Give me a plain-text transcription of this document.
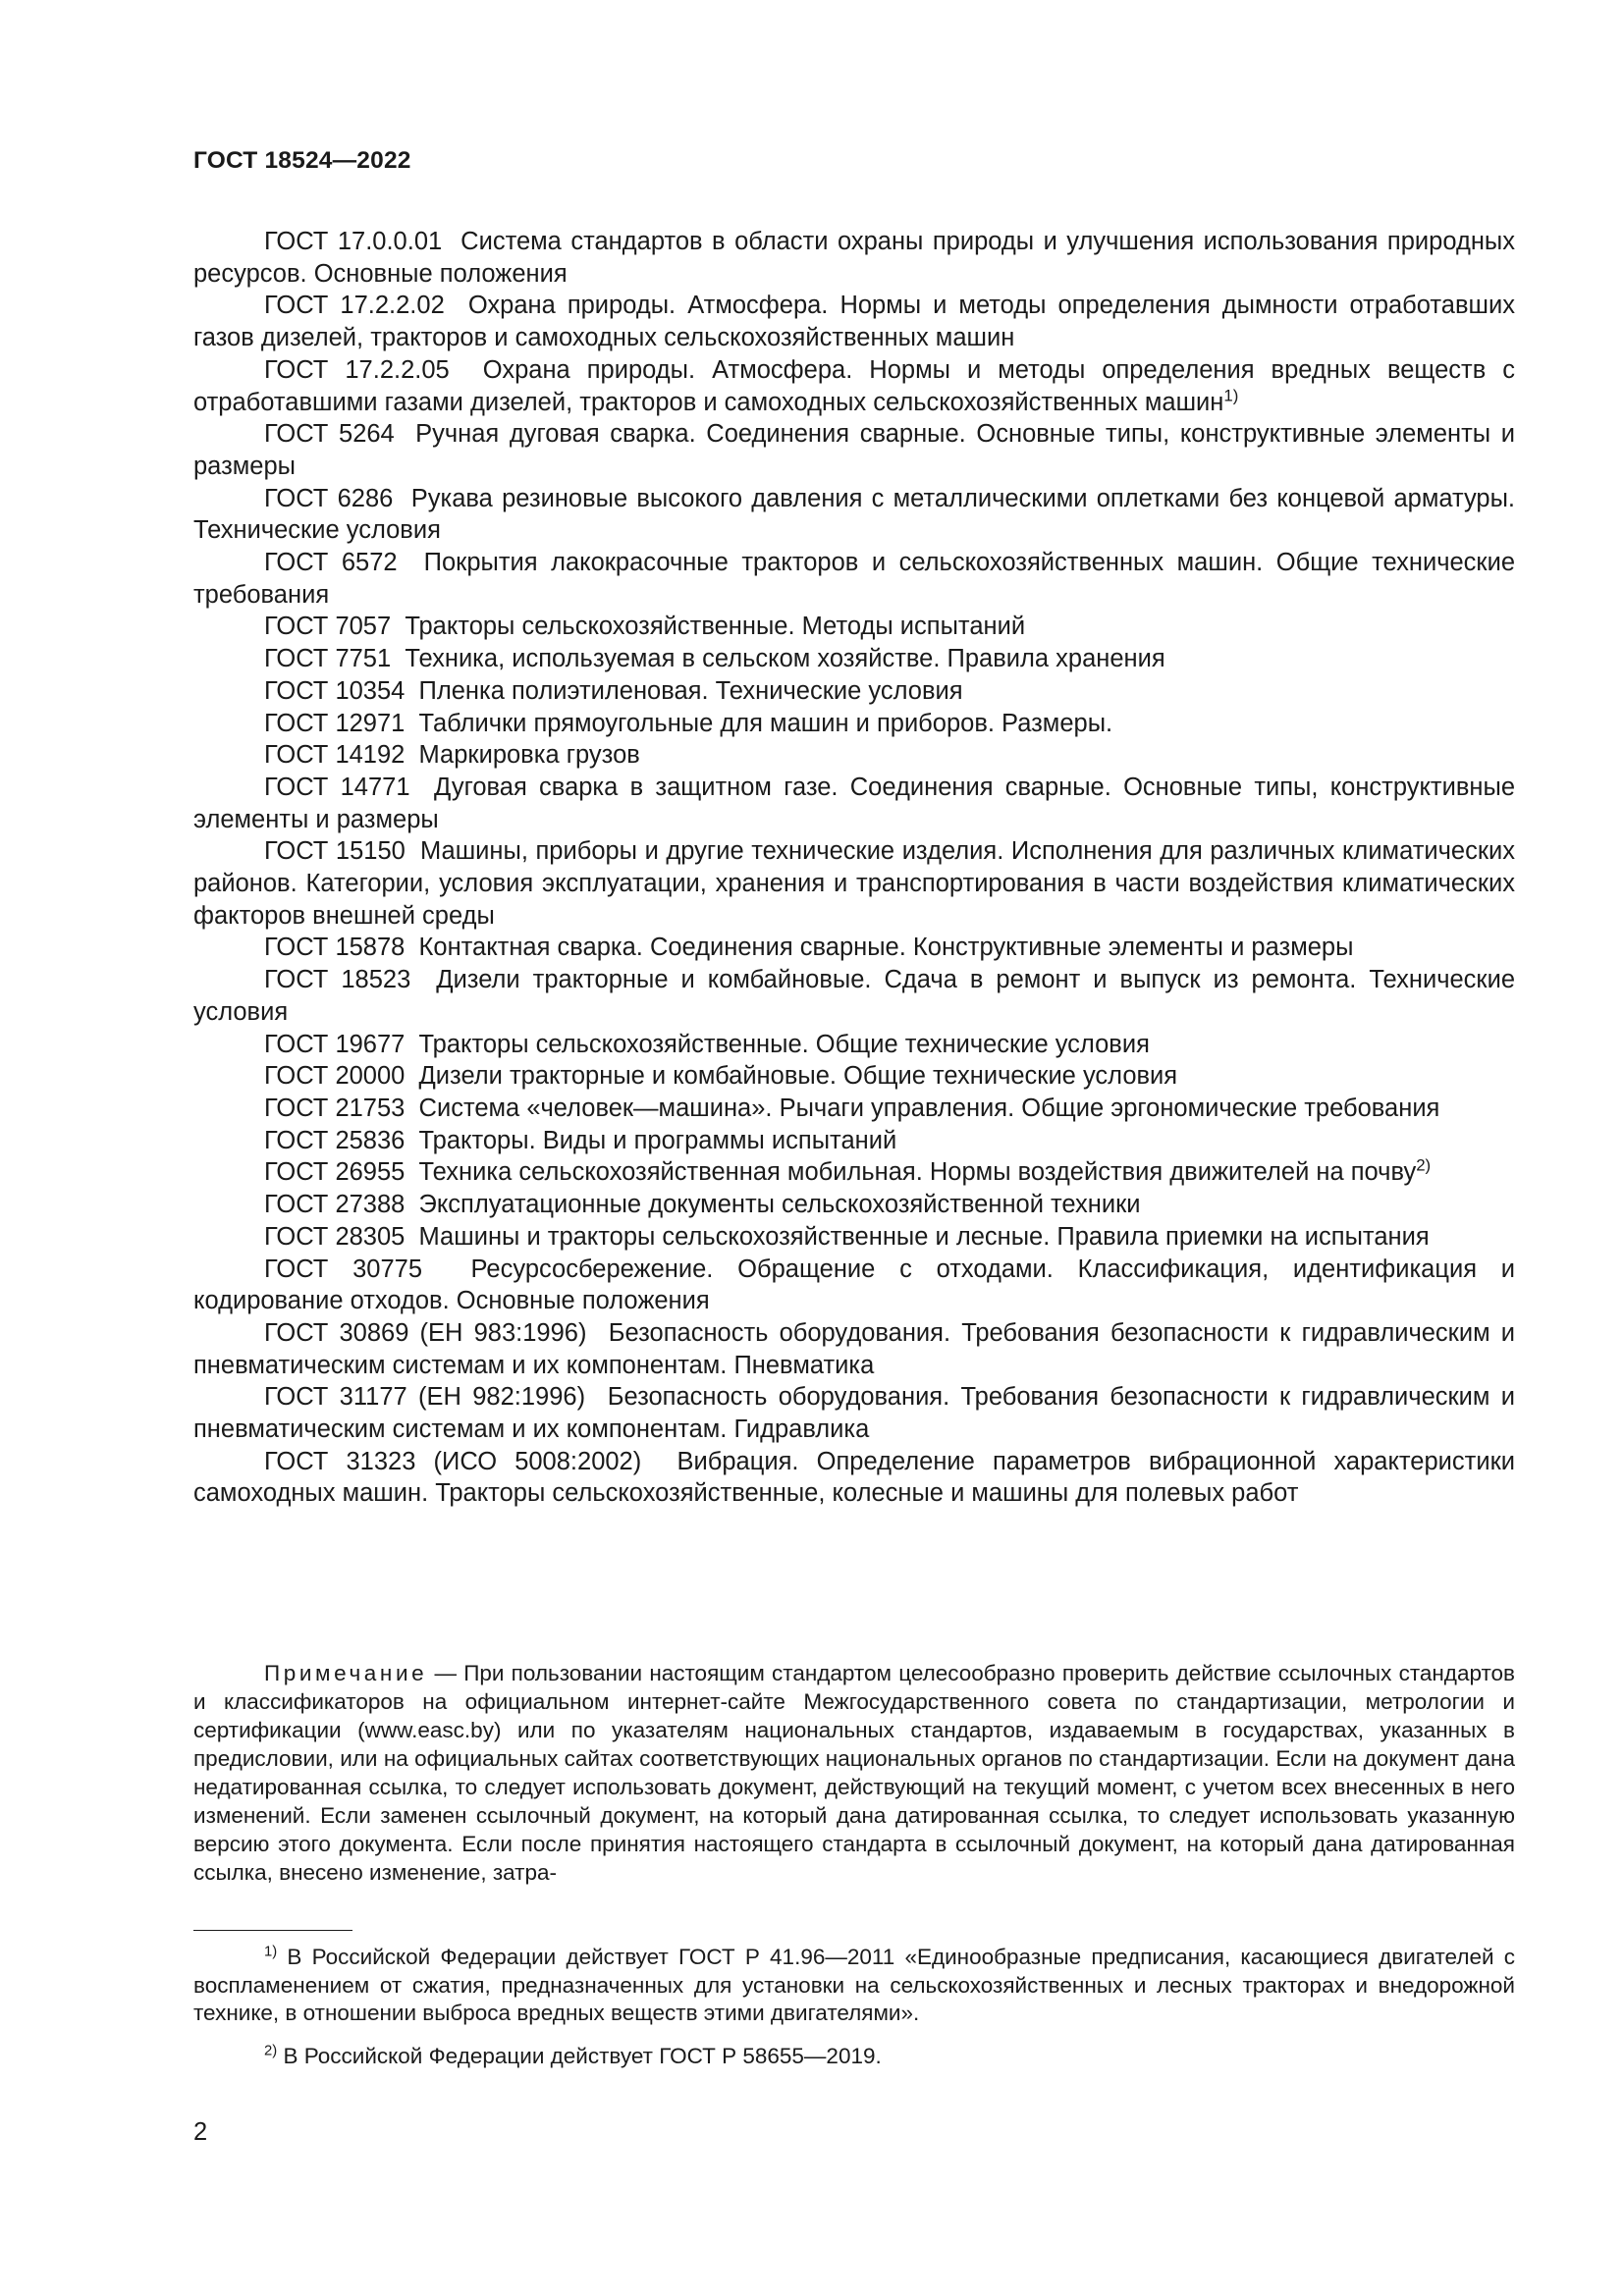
ГОСТ 18524—2022

ГОСТ 17.0.0.01 Система стандартов в области охраны природы и улучшения использования природных ресурсов. Основные положения

ГОСТ 17.2.2.02 Охрана природы. Атмосфера. Нормы и методы определения дымности отработавших газов дизелей, тракторов и самоходных сельскохозяйственных машин

ГОСТ 17.2.2.05 Охрана природы. Атмосфера. Нормы и методы определения вредных веществ с отработавшими газами дизелей, тракторов и самоходных сельскохозяйственных машин$^{1)}$

ГОСТ 5264 Ручная дуговая сварка. Соединения сварные. Основные типы, конструктивные элементы и размеры

ГОСТ 6286 Рукава резиновые высокого давления с металлическими оплетками без концевой арматуры. Технические условия

ГОСТ 6572 Покрытия лакокрасочные тракторов и сельскохозяйственных машин. Общие технические требования

ГОСТ 7057 Тракторы сельскохозяйственные. Методы испытаний

ГОСТ 7751 Техника, используемая в сельском хозяйстве. Правила хранения

ГОСТ 10354 Пленка полиэтиленовая. Технические условия

ГОСТ 12971 Таблички прямоугольные для машин и приборов. Размеры.

ГОСТ 14192 Маркировка грузов

ГОСТ 14771 Дуговая сварка в защитном газе. Соединения сварные. Основные типы, конструктивные элементы и размеры

ГОСТ 15150 Машины, приборы и другие технические изделия. Исполнения для различных климатических районов. Категории, условия эксплуатации, хранения и транспортирования в части воздействия климатических факторов внешней среды

ГОСТ 15878 Контактная сварка. Соединения сварные. Конструктивные элементы и размеры

ГОСТ 18523 Дизели тракторные и комбайновые. Сдача в ремонт и выпуск из ремонта. Технические условия

ГОСТ 19677 Тракторы сельскохозяйственные. Общие технические условия

ГОСТ 20000 Дизели тракторные и комбайновые. Общие технические условия

ГОСТ 21753 Система «человек—машина». Рычаги управления. Общие эргономические требования

ГОСТ 25836 Тракторы. Виды и программы испытаний

ГОСТ 26955 Техника сельскохозяйственная мобильная. Нормы воздействия движителей на почву$^{2)}$

ГОСТ 27388 Эксплуатационные документы сельскохозяйственной техники

ГОСТ 28305 Машины и тракторы сельскохозяйственные и лесные. Правила приемки на испытания

ГОСТ 30775 Ресурсосбережение. Обращение с отходами. Классификация, идентификация и кодирование отходов. Основные положения

ГОСТ 30869 (ЕН 983:1996) Безопасность оборудования. Требования безопасности к гидравлическим и пневматическим системам и их компонентам. Пневматика

ГОСТ 31177 (ЕН 982:1996) Безопасность оборудования. Требования безопасности к гидравлическим и пневматическим системам и их компонентам. Гидравлика

ГОСТ 31323 (ИСО 5008:2002) Вибрация. Определение параметров вибрационной характеристики самоходных машин. Тракторы сельскохозяйственные, колесные и машины для полевых работ

Примечание — При пользовании настоящим стандартом целесообразно проверить действие ссылочных стандартов и классификаторов на официальном интернет-сайте Межгосударственного совета по стандартизации, метрологии и сертификации (www.easc.by) или по указателям национальных стандартов, издаваемым в государствах, указанных в предисловии, или на официальных сайтах соответствующих национальных органов по стандартизации. Если на документ дана недатированная ссылка, то следует использовать документ, действующий на текущий момент, с учетом всех внесенных в него изменений. Если заменен ссылочный документ, на который дана датированная ссылка, то следует использовать указанную версию этого документа. Если после принятия настоящего стандарта в ссылочный документ, на который дана датированная ссылка, внесено изменение, затра-

$^{1)}$ В Российской Федерации действует ГОСТ Р 41.96—2011 «Единообразные предписания, касающиеся двигателей с воспламенением от сжатия, предназначенных для установки на сельскохозяйственных и лесных тракторах и внедорожной технике, в отношении выброса вредных веществ этими двигателями».

$^{2)}$ В Российской Федерации действует ГОСТ Р 58655—2019.

2
